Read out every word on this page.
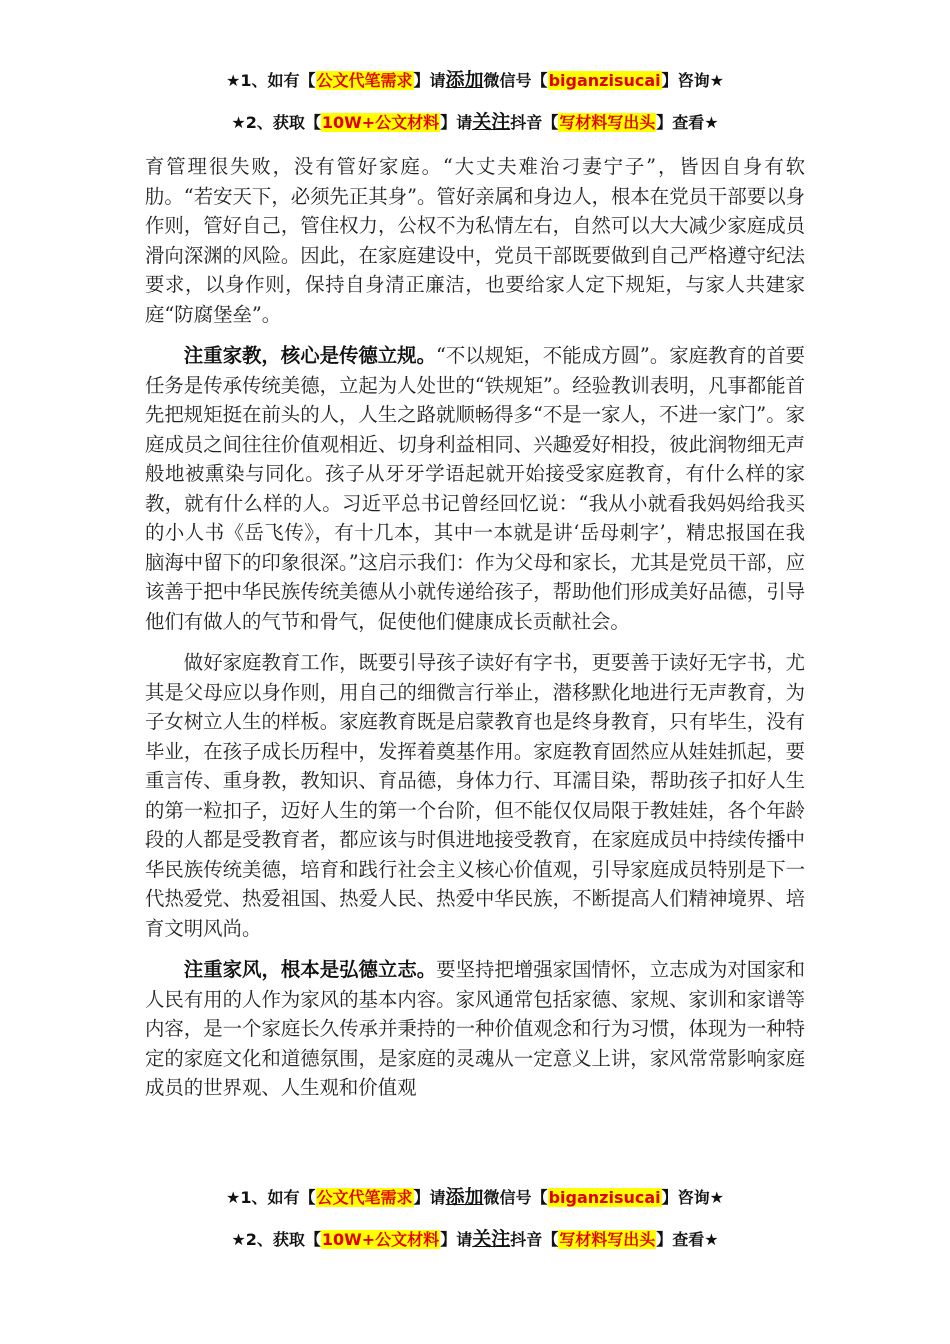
★1、如有【公文代笔需求】请添加微信号【biganzisucai】咨询★
★2、获取【10W+公文材料】请关注抖音【写材料写出头】查看★

育管理很失败，没有管好家庭。“大丈夫难治刁妻宁子”，皆因自身有软肋。“若安天下，必须先正其身”。管好亲属和身边人，根本在党员干部要以身作则，管好自己，管住权力，公权不为私情左右，自然可以大大减少家庭成员滑向深渊的风险。因此，在家庭建设中，党员干部既要做到自己严格遵守纪法要求，以身作则，保持自身清正廉洁，也要给家人定下规矩，与家人共建家庭“防腐堡垒”。

注重家教，核心是传德立规。“不以规矩，不能成方圆”。家庭教育的首要任务是传承传统美德，立起为人处世的“铁规矩”。经验教训表明，凡事都能首先把规矩挺在前头的人，人生之路就顺畅得多“不是一家人，不进一家门”。家庭成员之间往往价值观相近、切身利益相同、兴趣爱好相投，彼此润物细无声般地被熏染与同化。孩子从牙牙学语起就开始接受家庭教育，有什么样的家教，就有什么样的人。习近平总书记曾经回忆说：“我从小就看我妈妈给我买的小人书《岳飞传》，有十几本，其中一本就是讲‘岳母刺字’，精忠报国在我脑海中留下的印象很深。”这启示我们：作为父母和家长，尤其是党员干部，应该善于把中华民族传统美德从小就传递给孩子，帮助他们形成美好品德，引导他们有做人的气节和骨气，促使他们健康成长贡献社会。

做好家庭教育工作，既要引导孩子读好有字书，更要善于读好无字书，尤其是父母应以身作则，用自己的细微言行举止，潜移默化地进行无声教育，为子女树立人生的样板。家庭教育既是启蒙教育也是终身教育，只有毕生，没有毕业，在孩子成长历程中，发挥着奠基作用。家庭教育固然应从娃娃抓起，要重言传、重身教，教知识、育品德，身体力行、耳濡目染，帮助孩子扣好人生的第一粒扣子，迈好人生的第一个台阶，但不能仅仅局限于教娃娃，各个年龄段的人都是受教育者，都应该与时俱进地接受教育，在家庭成员中持续传播中华民族传统美德，培育和践行社会主义核心价值观，引导家庭成员特别是下一代热爱党、热爱祖国、热爱人民、热爱中华民族，不断提高人们精神境界、培育文明风尚。

注重家风，根本是弘德立志。要坚持把增强家国情怀，立志成为对国家和人民有用的人作为家风的基本内容。家风通常包括家德、家规、家训和家谱等内容，是一个家庭长久传承并秉持的一种价值观念和行为习惯，体现为一种特定的家庭文化和道德氛围，是家庭的灵魂从一定意义上讲，家风常常影响家庭成员的世界观、人生观和价值观

★1、如有【公文代笔需求】请添加微信号【biganzisucai】咨询★
★2、获取【10W+公文材料】请关注抖音【写材料写出头】查看★
